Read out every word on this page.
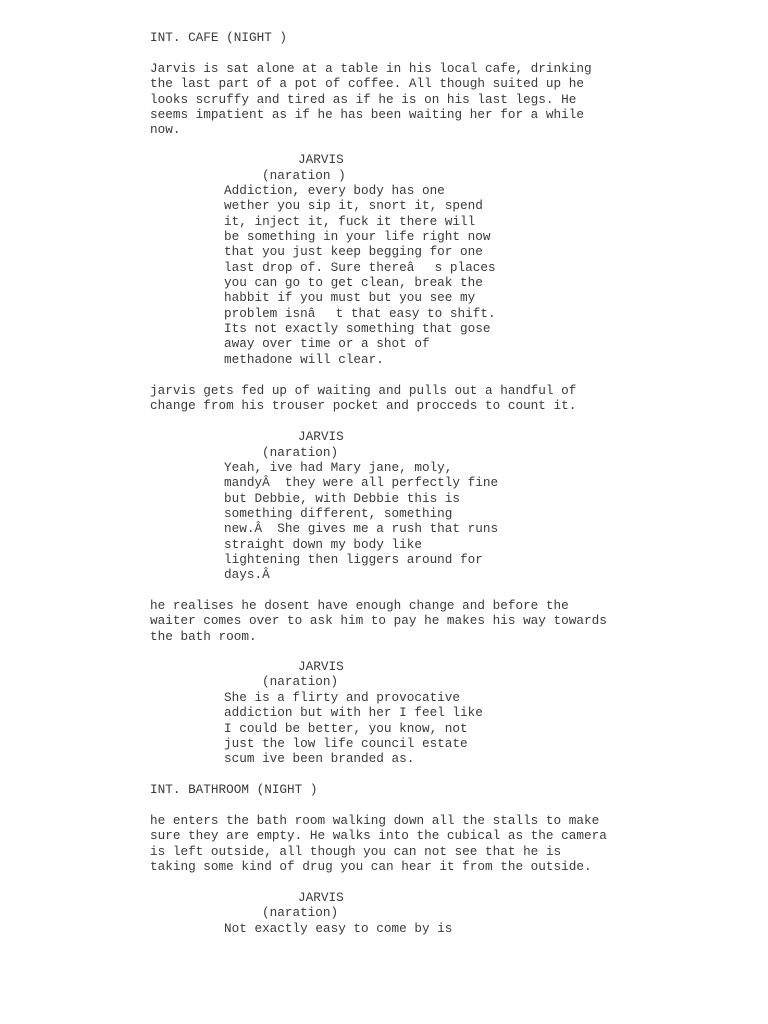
INT. CAFE (NIGHT )
Jarvis is sat alone at a table in his local cafe, drinking
the last part of a pot of coffee. All though suited up he
looks scruffy and tired as if he is on his last legs. He
seems impatient as if he has been waiting her for a while
now.
JARVIS
(naration )
Addiction, every body has one
wether you sip it, snort it, spend
it, inject it, fuck it there will
be something in your life right now
that you just keep begging for one
last drop of. Sure thereâs places
you can go to get clean, break the
habbit if you must but you see my
problem isnât that easy to shift.
Its not exactly something that gose
away over time or a shot of
methadone will clear.
jarvis gets fed up of waiting and pulls out a handful of
change from his trouser pocket and procceds to count it.
JARVIS
(naration)
Yeah, ive had Mary jane, moly,
mandyÂ  they were all perfectly fine
but Debbie, with Debbie this is
something different, something
new.Â  She gives me a rush that runs
straight down my body like
lightening then liggers around for
days.Â
he realises he dosent have enough change and before the
waiter comes over to ask him to pay he makes his way towards
the bath room.
JARVIS
(naration)
She is a flirty and provocative
addiction but with her I feel like
I could be better, you know, not
just the low life council estate
scum ive been branded as.
INT. BATHROOM (NIGHT )
he enters the bath room walking down all the stalls to make
sure they are empty. He walks into the cubical as the camera
is left outside, all though you can not see that he is
taking some kind of drug you can hear it from the outside.
JARVIS
(naration)
Not exactly easy to come by is
